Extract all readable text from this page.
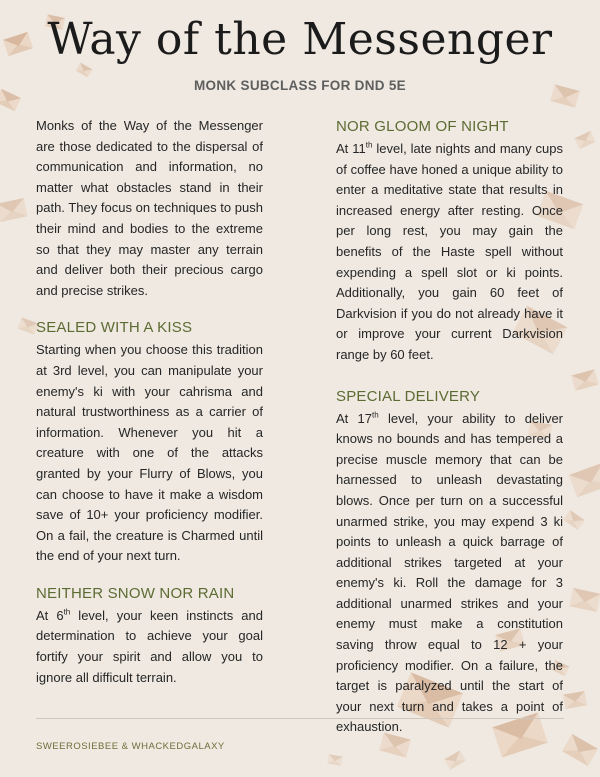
Way of the Messenger
MONK SUBCLASS FOR DND 5E

Monks of the Way of the Messenger are those dedicated to the dispersal of communication and information, no matter what obstacles stand in their path. They focus on techniques to push their mind and bodies to the extreme so that they may master any terrain and deliver both their precious cargo and precise strikes.

SEALED WITH A KISS

Starting when you choose this tradition at 3rd level, you can manipulate your enemy's ki with your cahrisma and natural trustworthiness as a carrier of information. Whenever you hit a creature with one of the attacks granted by your Flurry of Blows, you can choose to have it make a wisdom save of 10+ your proficiency modifier. On a fail, the creature is Charmed until the end of your next turn.

NEITHER SNOW NOR RAIN

At 6th level, your keen instincts and determination to achieve your goal fortify your spirit and allow you to ignore all difficult terrain.

NOR GLOOM OF NIGHT

At 11th level, late nights and many cups of coffee have honed a unique ability to enter a meditative state that results in increased energy after resting. Once per long rest, you may gain the benefits of the Haste spell without expending a spell slot or ki points. Additionally, you gain 60 feet of Darkvision if you do not already have it or improve your current Darkvision range by 60 feet.

SPECIAL DELIVERY

At 17th level, your ability to deliver knows no bounds and has tempered a precise muscle memory that can be harnessed to unleash devastating blows. Once per turn on a successful unarmed strike, you may expend 3 ki points to unleash a quick barrage of additional strikes targeted at your enemy's ki. Roll the damage for 3 additional unarmed strikes and your enemy must make a constitution saving throw equal to 12 + your proficiency modifier. On a failure, the target is paralyzed until the start of your next turn and takes a point of exhaustion.

SWEEROSIEBEE & WHACKEDGALAXY
